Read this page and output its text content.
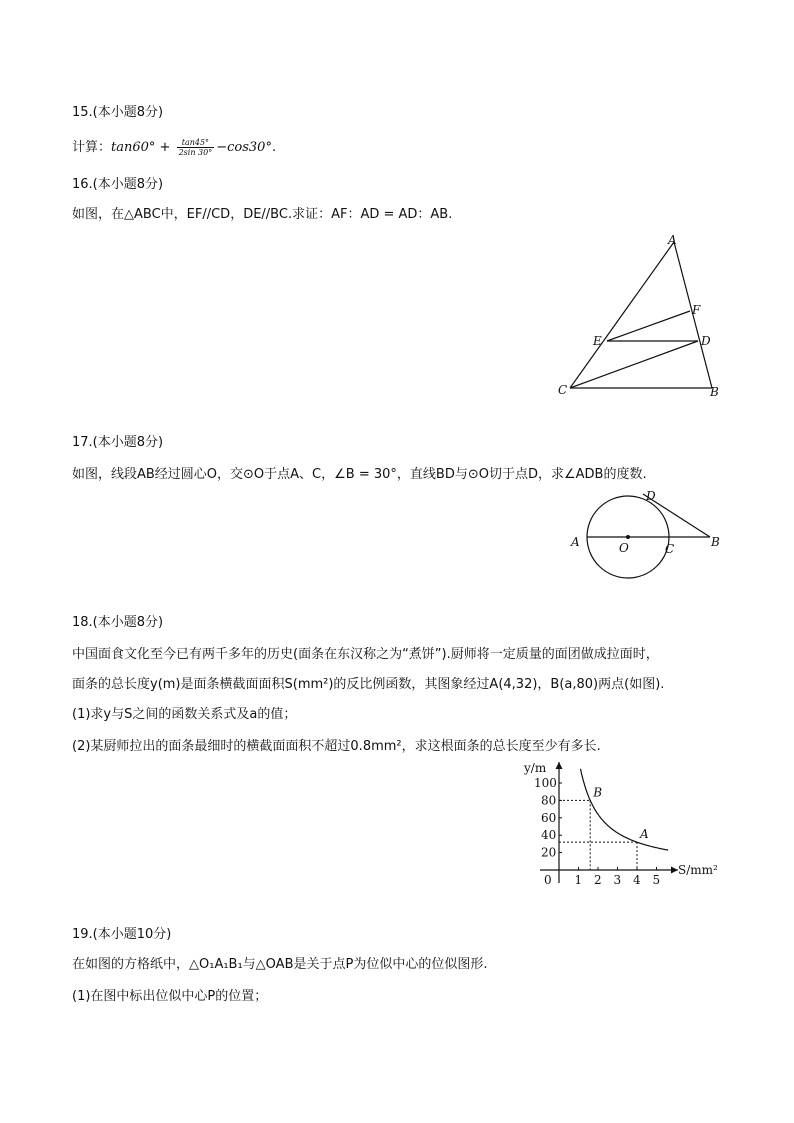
15.(本小题8分)
计算：$\tan 60^\circ + \frac{\tan 45^\circ}{2\sin 30^\circ} -\cos 30^\circ$.
16.(本小题8分)
如图，在△ABC中，EF//CD，DE//BC.求证：AF：AD = AD：AB.
A
F
E	D
C	B
17.(本小题8分)
如图，线段AB经过圆心O，交⊙O于点A、C，∠B = 30°，直线BD与⊙O切于点D，求∠ADB的度数.
A	O	C	B
D
18.(本小题8分)
中国面食文化至今已有两千多年的历史(面条在东汉称之为“煮饼”).厨师将一定质量的面团做成拉面时，
面条的总长度y(m)是面条横截面面积S(mm²)的反比例函数，其图象经过A(4,32)，B(a,80)两点(如图).
(1)求y与S之间的函数关系式及a的值；
(2)某厨师拉出的面条最细时的横截面面积不超过0.8mm²，求这根面条的总长度至少有多长.
y/m
S/mm²
0 1 2 3 4 5
20
40
60
80
100
B
A
19.(本小题10分)
在如图的方格纸中，△O₁A₁B₁与△OAB是关于点P为位似中心的位似图形.
(1)在图中标出位似中心P的位置；
